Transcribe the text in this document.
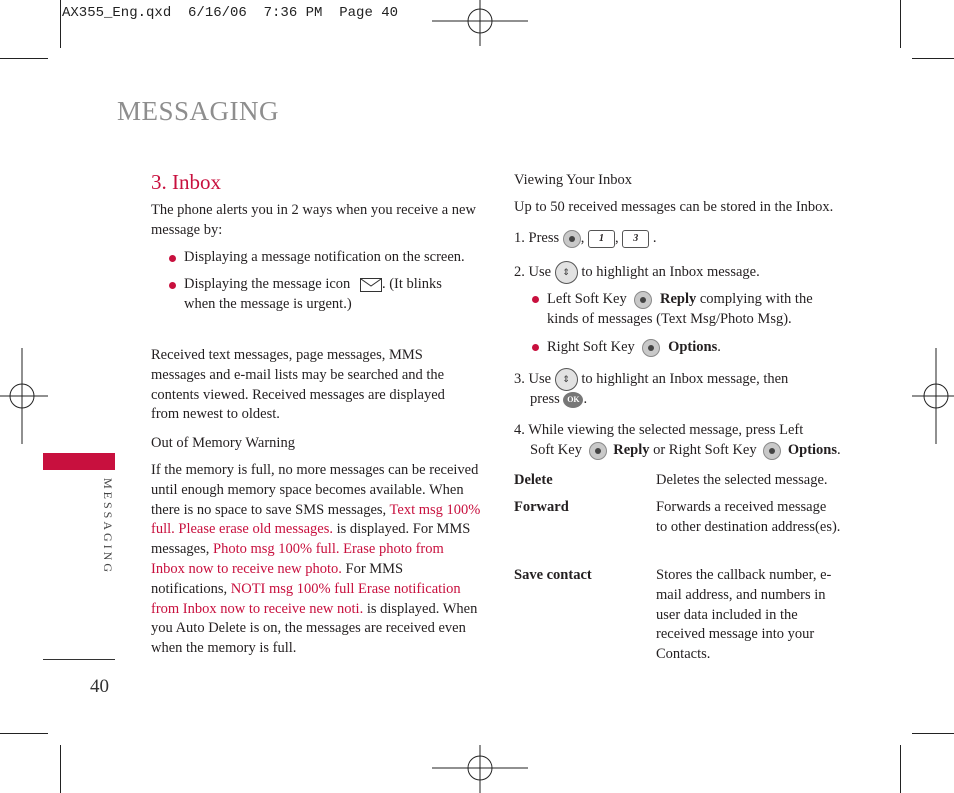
AX355_Eng.qxd  6/16/06  7:36 PM  Page 40
MESSAGING
MESSAGING
40
3. Inbox
The phone alerts you in 2 ways when you receive a new message by:
Displaying a message notification on the screen.
Displaying the message icon . (It blinks when the message is urgent.)
Received text messages, page messages, MMS messages and e-mail lists may be searched and the contents viewed. Received messages are displayed from newest to oldest.
Out of Memory Warning
If the memory is full, no more messages can be received until enough memory space becomes available. When there is no space to save SMS messages, Text msg 100% full. Please erase old messages. is displayed. For MMS messages, Photo msg 100% full. Erase photo from Inbox now to receive new photo. For MMS notifications, NOTI msg 100% full Erase notification from Inbox now to receive new noti. is displayed. When you Auto Delete is on, the messages are received even when the memory is full.
Viewing Your Inbox
Up to 50 received messages can be stored in the Inbox.
1. Press , 1 , 3 .
2. Use ⇕ to highlight an Inbox message.
Left Soft Key Reply complying with the kinds of messages (Text Msg/Photo Msg).
Right Soft Key Options.
3. Use ⇕ to highlight an Inbox message, then
press OK .
4. While viewing the selected message, press Left
Soft Key Reply or Right Soft Key Options.
Delete	Deletes the selected message.
Forward	Forwards a received message to other destination address(es).
Save contact	Stores the callback number, e-mail address, and numbers in user data included in the received message into your Contacts.
